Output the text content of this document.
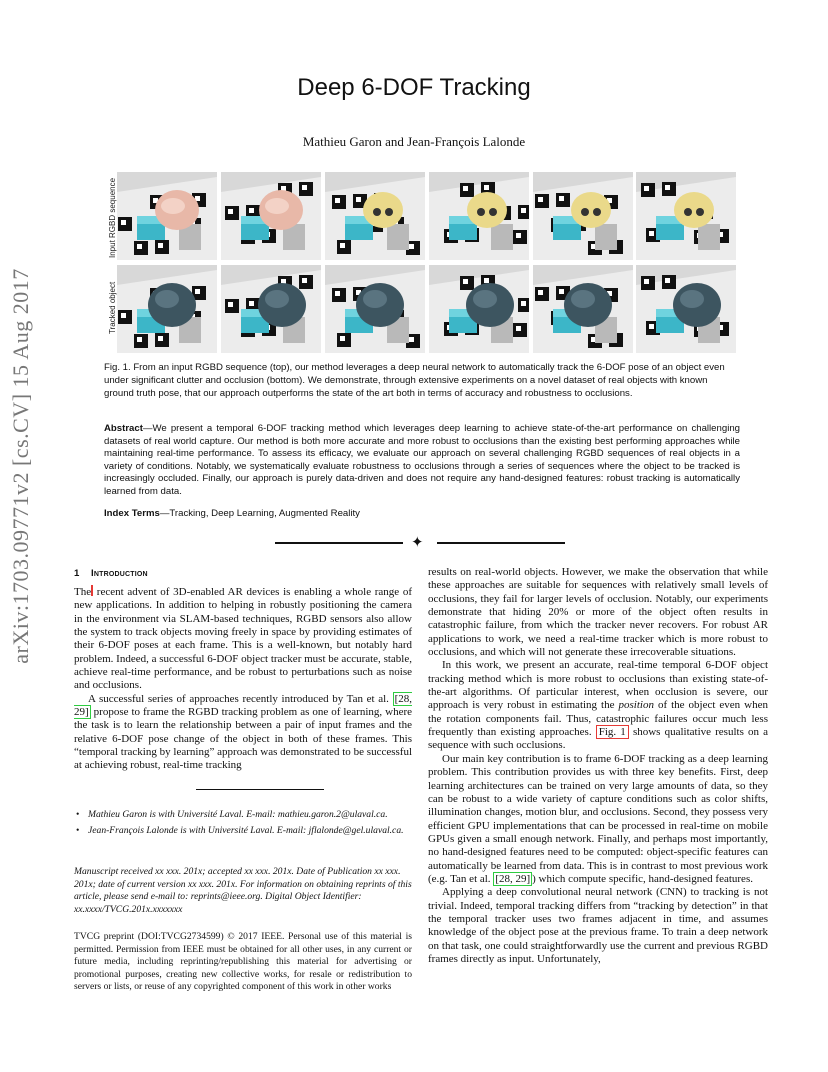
arXiv:1703.09771v2 [cs.CV] 15 Aug 2017
Deep 6-DOF Tracking
Mathieu Garon and Jean-François Lalonde
Input RGBD sequence
Tracked object
Fig. 1. From an input RGBD sequence (top), our method leverages a deep neural network to automatically track the 6-DOF pose of an object even under significant clutter and occlusion (bottom). We demonstrate, through extensive experiments on a novel dataset of real objects with known ground truth pose, that our approach outperforms the state of the art both in terms of accuracy and robustness to occlusions.
Abstract—We present a temporal 6-DOF tracking method which leverages deep learning to achieve state-of-the-art performance on challenging datasets of real world capture. Our method is both more accurate and more robust to occlusions than the existing best performing approaches while maintaining real-time performance. To assess its efficacy, we evaluate our approach on several challenging RGBD sequences of real objects in a variety of conditions. Notably, we systematically evaluate robustness to occlusions through a series of sequences where the object to be tracked is increasingly occluded. Finally, our approach is purely data-driven and does not require any hand-designed features: robust tracking is automatically learned from data.
Index Terms—Tracking, Deep Learning, Augmented Reality
✦
1 Introduction

The recent advent of 3D-enabled AR devices is enabling a whole range of new applications. In addition to helping in robustly positioning the camera in the environment via SLAM-based techniques, RGBD sensors also allow the system to track objects moving freely in space by providing estimates of their 6-DOF poses at each frame. This is a well-known, but notably hard problem. Indeed, a successful 6-DOF object tracker must be accurate, stable, achieve real-time performance, and be robust to perturbations such as noise and occlusions.

A successful series of approaches recently introduced by Tan et al. [28, 29] propose to frame the RGBD tracking problem as one of learning, where the task is to learn the relationship between a pair of input frames and the relative 6-DOF pose change of the object in both of these frames. This “temporal tracking by learning” approach was demonstrated to be successful at achieving robust, real-time tracking

results on real-world objects. However, we make the observation that while these approaches are suitable for sequences with relatively small levels of occlusions, they fail for larger levels of occlusion. Notably, our experiments demonstrate that hiding 20% or more of the object often results in catastrophic failure, from which the tracker never recovers. For robust AR applications to work, we need a real-time tracker which is more robust to occlusions, and which will not generate these irrecoverable situations.

In this work, we present an accurate, real-time temporal 6-DOF object tracking method which is more robust to occlusions than existing state-of-the-art algorithms. Of particular interest, when occlusion is severe, our approach is very robust in estimating the position of the object even when the rotation components fail. Thus, catastrophic failures occur much less frequently than existing approaches. Fig. 1 shows qualitative results on a sequence with such occlusions.

Our main key contribution is to frame 6-DOF tracking as a deep learning problem. This contribution provides us with three key benefits. First, deep learning architectures can be trained on very large amounts of data, so they can be robust to a wide variety of capture conditions such as color shifts, illumination changes, motion blur, and occlusions. Second, they possess very efficient GPU implementations that can be processed in real-time on mobile GPUs given a small enough network. Finally, and perhaps most importantly, no hand-designed features need to be computed: object-specific features can automatically be learned from data. This is in contrast to most previous work (e.g. Tan et al. [28, 29] ) which compute specific, hand-designed features.

Applying a deep convolutional neural network (CNN) to tracking is not trivial. Indeed, temporal tracking differs from “tracking by detection” in that the temporal tracker uses two frames adjacent in time, and assumes knowledge of the object pose at the previous frame. To train a deep network on that task, one could straightforwardly use the current and previous RGBD frames directly as input. Unfortunately,

• Mathieu Garon is with Université Laval. E-mail: mathieu.garon.2@ulaval.ca.
• Jean-François Lalonde is with Université Laval. E-mail: jflalonde@gel.ulaval.ca.
Manuscript received xx xxx. 201x; accepted xx xxx. 201x. Date of Publication xx xxx. 201x; date of current version xx xxx. 201x. For information on obtaining reprints of this article, please send e-mail to: reprints@ieee.org. Digital Object Identifier: xx.xxxx/TVCG.201x.xxxxxxx
TVCG preprint (DOI:TVCG2734599) © 2017 IEEE. Personal use of this material is permitted. Permission from IEEE must be obtained for all other uses, in any current or future media, including reprinting/republishing this material for advertising or promotional purposes, creating new collective works, for resale or redistribution to servers or lists, or reuse of any copyrighted component of this work in other works
